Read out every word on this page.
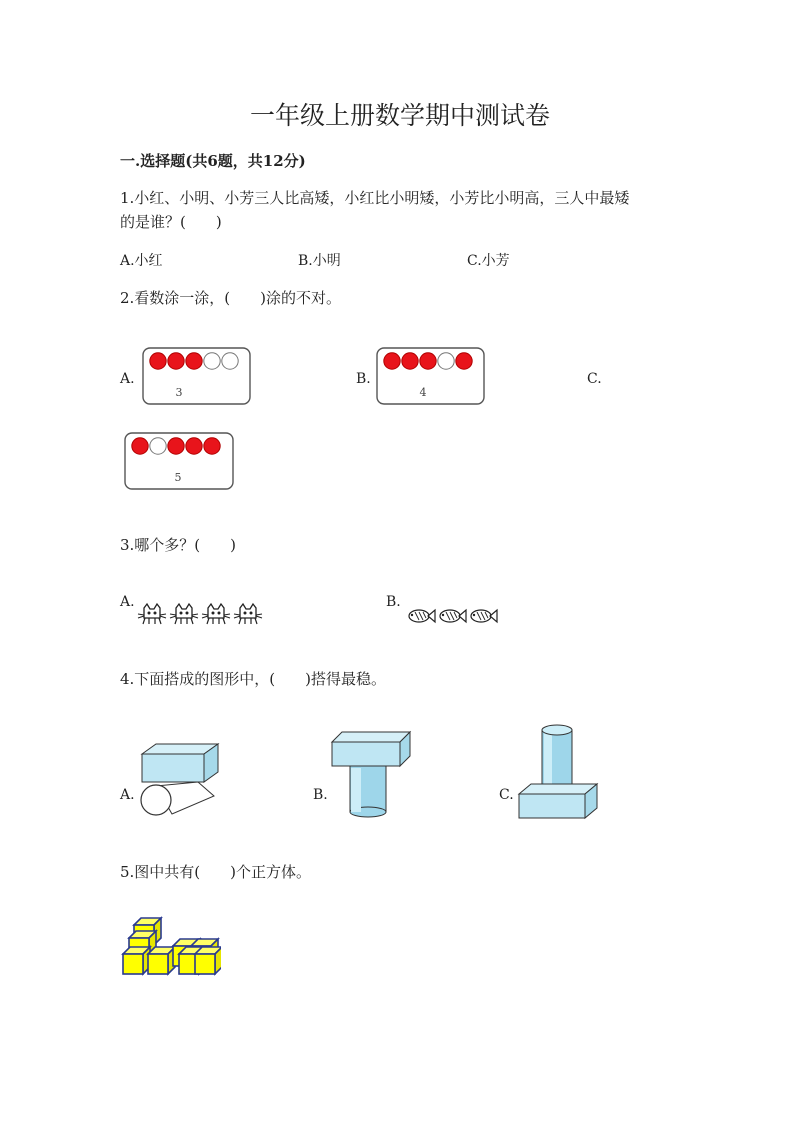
一年级上册数学期中测试卷
一.选择题(共6题，共12分)
1.小红、小明、小芳三人比高矮，小红比小明矮，小芳比小明高，三人中最矮
的是谁？(　　)
A.小红	B.小明	C.小芳
2.看数涂一涂，(　　)涂的不对。
A.	B.	C.
3	4
5
3.哪个多？(　　)
A.	B.
4.下面搭成的图形中，(　　)搭得最稳。
A.	B.	C.
5.图中共有(　　)个正方体。
